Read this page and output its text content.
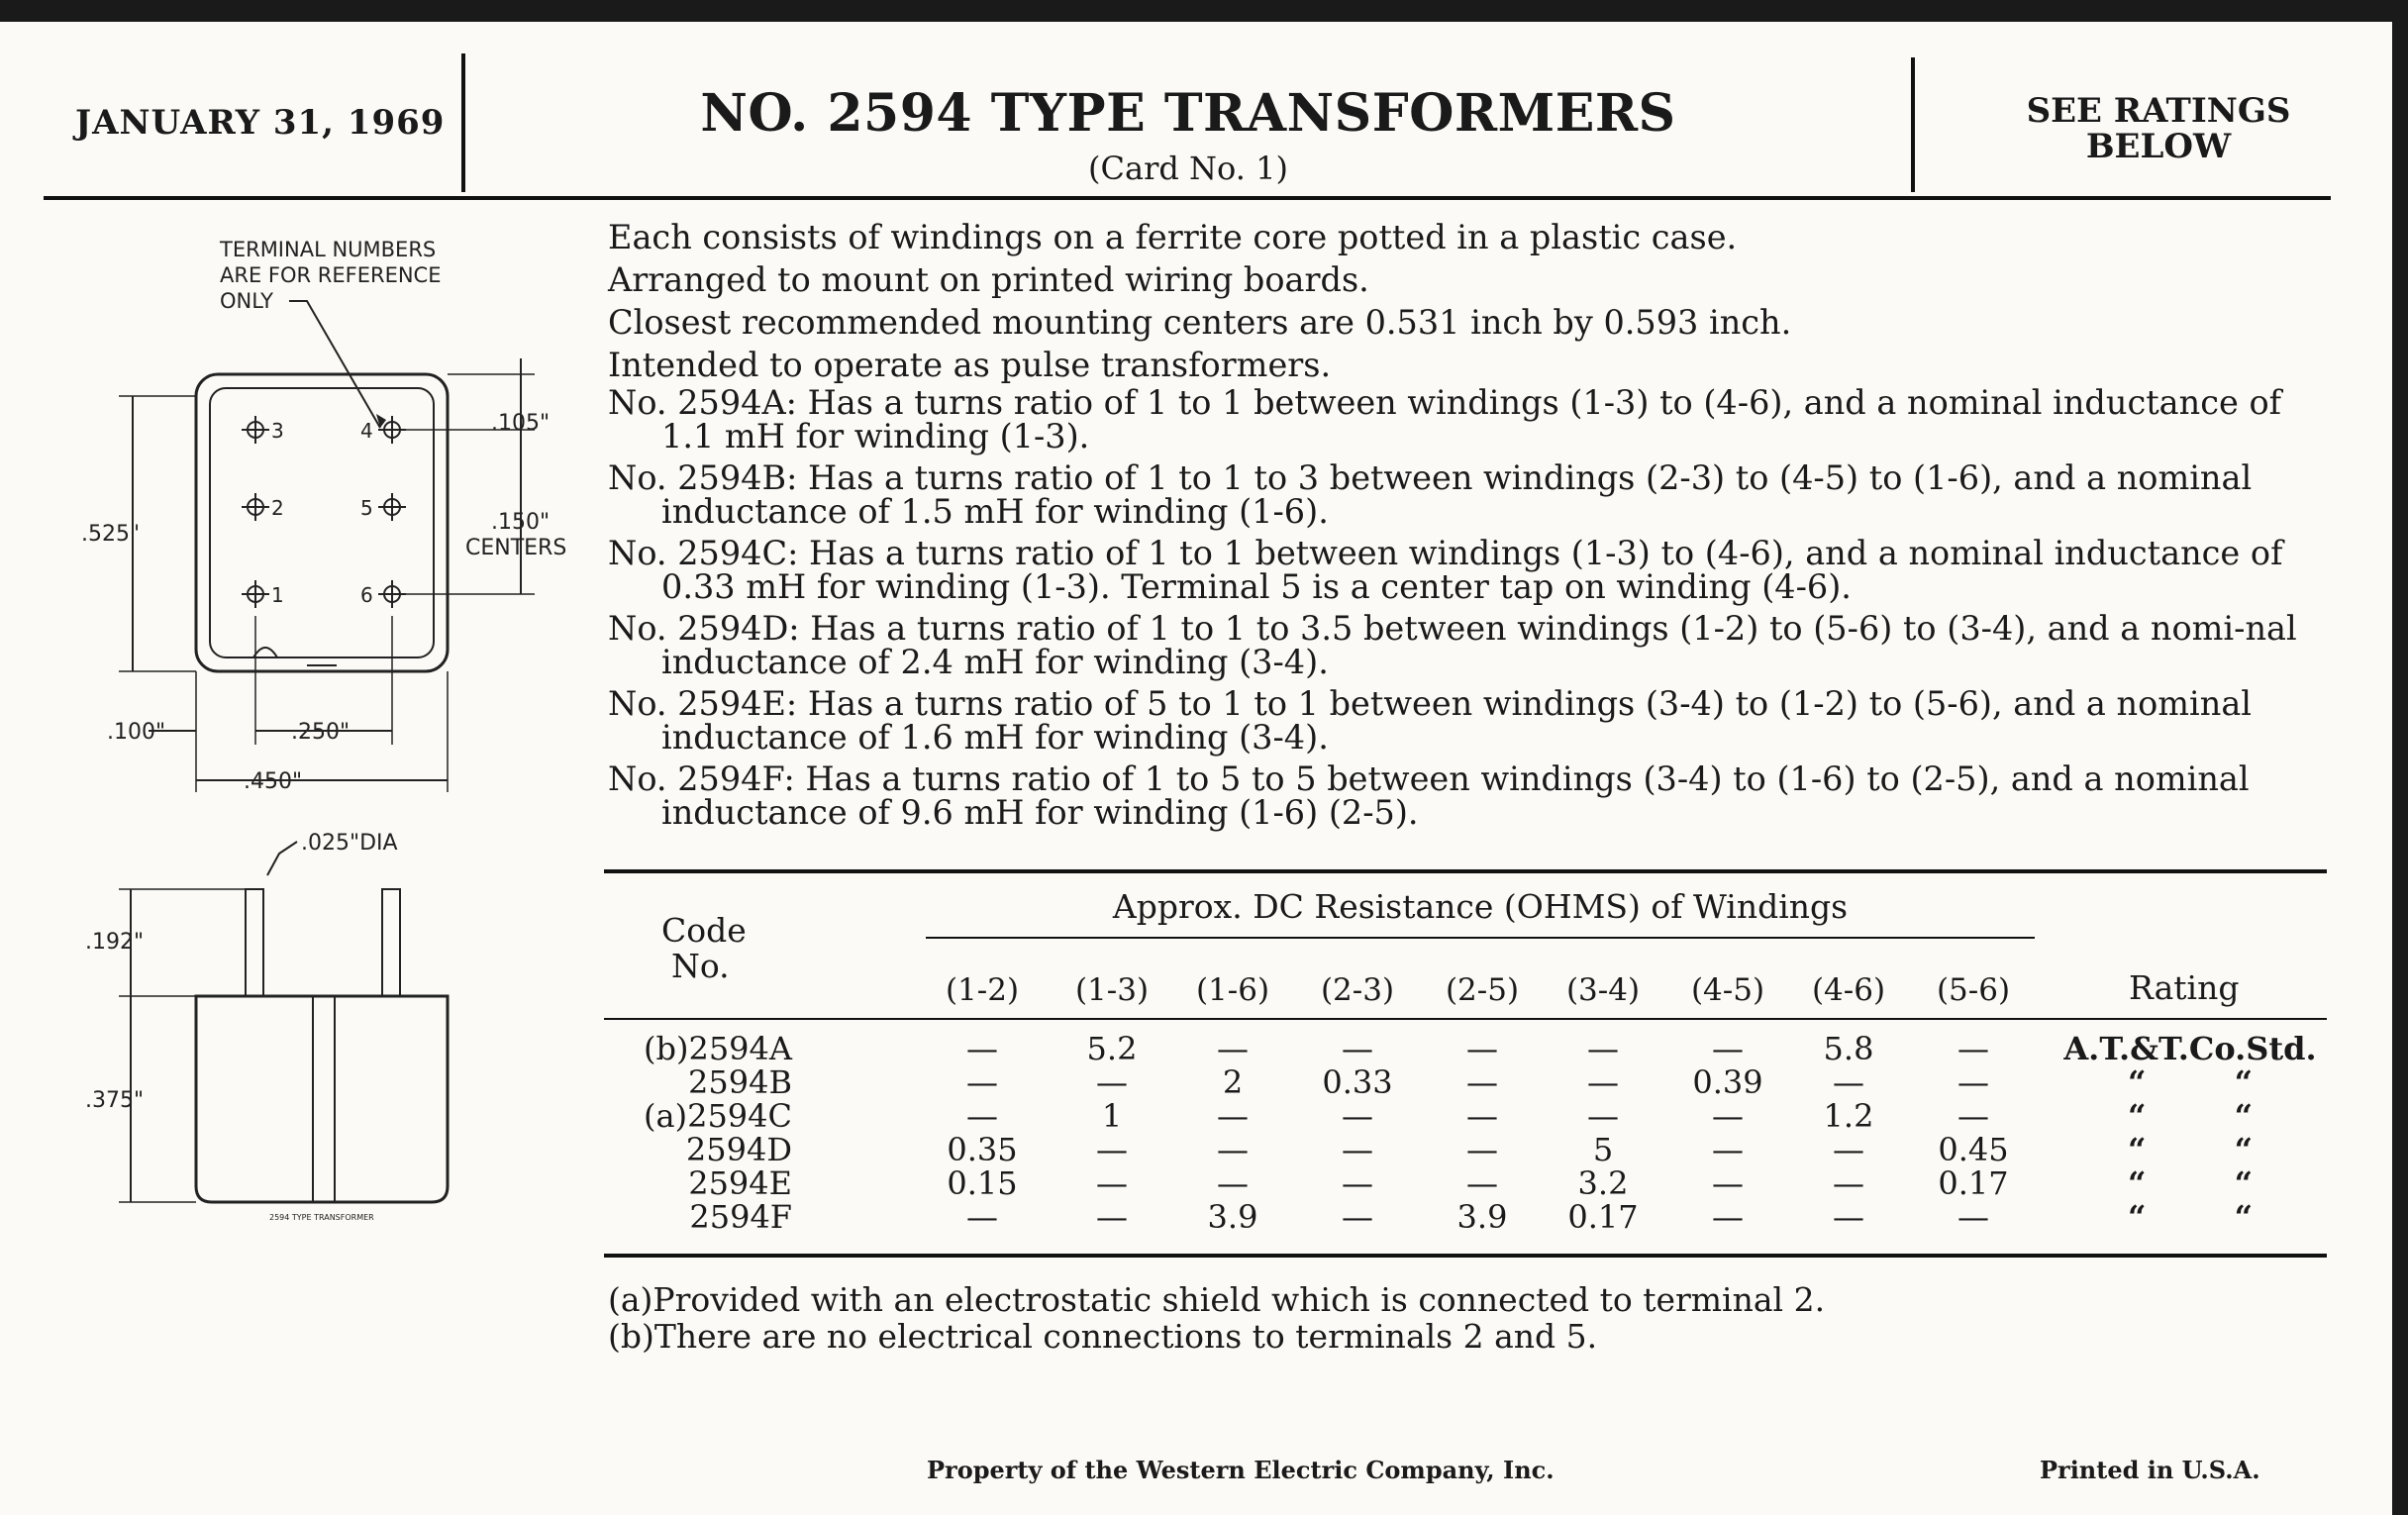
JANUARY 31, 1969	NO. 2594 TYPE TRANSFORMERS
(Card No. 1)
SEE RATINGS
BELOW
TERMINAL NUMBERS
ARE FOR REFERENCE
ONLY
3	4
2	5
1	6
.105"
.150"
CENTERS
.525"
.100"	.250"
.450"
.025"DIA
2594 TYPE TRANSFORMER
.192"
.375"

Each consists of windings on a ferrite core potted in a plastic case.

Arranged to mount on printed wiring boards.

Closest recommended mounting centers are 0.531 inch by 0.593 inch.

Intended to operate as pulse transformers.

No. 2594A: Has a turns ratio of 1 to 1 between windings (1-3) to (4-6), and a nominal inductance of 1.1 mH for winding (1-3).

No. 2594B: Has a turns ratio of 1 to 1 to 3 between windings (2-3) to (4-5) to (1-6), and a nominal inductance of 1.5 mH for winding (1-6).

No. 2594C: Has a turns ratio of 1 to 1 between windings (1-3) to (4-6), and a nominal inductance of 0.33 mH for winding (1-3). Terminal 5 is a center tap on winding (4-6).

No. 2594D: Has a turns ratio of 1 to 1 to 3.5 between windings (1-2) to (5-6) to (3-4), and a nomi-nal inductance of 2.4 mH for winding (3-4).

No. 2594E: Has a turns ratio of 5 to 1 to 1 between windings (3-4) to (1-2) to (5-6), and a nominal inductance of 1.6 mH for winding (3-4).

No. 2594F: Has a turns ratio of 1 to 5 to 5 between windings (3-4) to (1-6) to (2-5), and a nominal inductance of 9.6 mH for winding (1-6) (2-5).

Approx. DC Resistance (OHMS) of Windings
Code
No.
Rating
(1-2)	(1-3)	(1-6)	(2-3)	(2-5)	(3-4)	(4-5)	(4-6)	(5-6)
(b)2594A	—	5.2	—	—	—	—	—	5.8	—	A.T.&T.Co.Std.
2594B	—	—	2	0.33	—	—	0.39	—	—	“        “
(a)2594C	—	1	—	—	—	—	—	1.2	—	“        “
2594D	0.35	—	—	—	—	5	—	—	0.45	“        “
2594E	0.15	—	—	—	—	3.2	—	—	0.17	“        “
2594F	—	—	3.9	—	3.9	0.17	—	—	—	“        “
(a)Provided with an electrostatic shield which is connected to terminal 2.
(b)There are no electrical connections to terminals 2 and 5.
Property of the Western Electric Company, Inc.	Printed in U.S.A.
